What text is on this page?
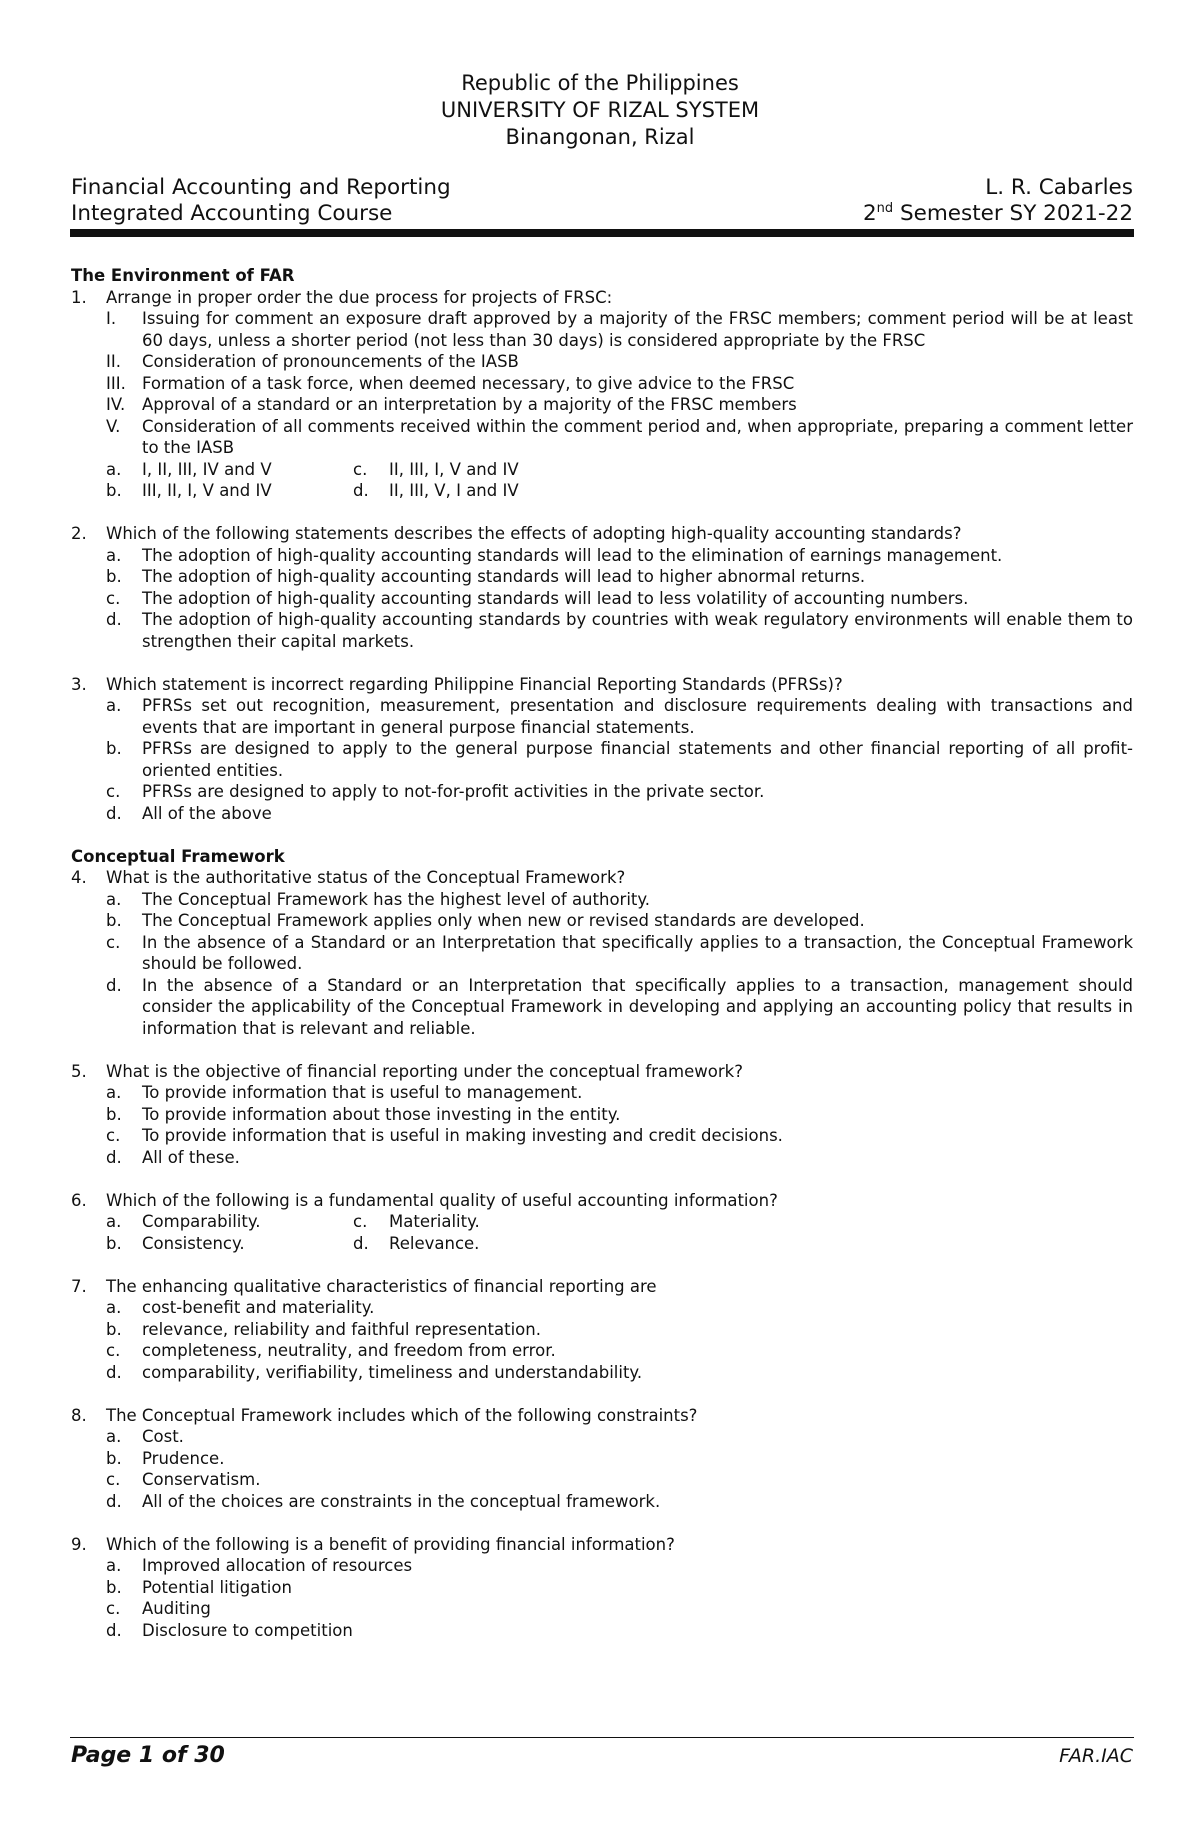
Republic of the Philippines
UNIVERSITY OF RIZAL SYSTEM
Binangonan, Rizal
Financial Accounting and Reporting	L. R. Cabarles
Integrated Accounting Course	2nd Semester SY 2021-22
The Environment of FAR
1. Arrange in proper order the due process for projects of FRSC:
I.	Issuing for comment an exposure draft approved by a majority of the FRSC members; comment period will be at least 60 days, unless a shorter period (not less than 30 days) is considered appropriate by the FRSC
II.	Consideration of pronouncements of the IASB
III. Formation of a task force, when deemed necessary, to give advice to the FRSC
IV.	Approval of a standard or an interpretation by a majority of the FRSC members
V.	Consideration of all comments received within the comment period and, when appropriate, preparing a comment letter to the IASB
a. I, II, III, IV and V	c. II, III, I, V and IV
b. III, II, I, V and IV	d. II, III, V, I and IV
2. Which of the following statements describes the effects of adopting high-quality accounting standards?
a. The adoption of high-quality accounting standards will lead to the elimination of earnings management.
b. The adoption of high-quality accounting standards will lead to higher abnormal returns.
c. The adoption of high-quality accounting standards will lead to less volatility of accounting numbers.
d. The adoption of high-quality accounting standards by countries with weak regulatory environments will enable them to strengthen their capital markets.
3. Which statement is incorrect regarding Philippine Financial Reporting Standards (PFRSs)?
a. PFRSs set out recognition, measurement, presentation and disclosure requirements dealing with transactions and events that are important in general purpose financial statements.
b. PFRSs are designed to apply to the general purpose financial statements and other financial reporting of all profit-oriented entities.
c. PFRSs are designed to apply to not-for-profit activities in the private sector.
d. All of the above
Conceptual Framework
4. What is the authoritative status of the Conceptual Framework?
a. The Conceptual Framework has the highest level of authority.
b. The Conceptual Framework applies only when new or revised standards are developed.
c. In the absence of a Standard or an Interpretation that specifically applies to a transaction, the Conceptual Framework should be followed.
d. In the absence of a Standard or an Interpretation that specifically applies to a transaction, management should consider the applicability of the Conceptual Framework in developing and applying an accounting policy that results in information that is relevant and reliable.
5. What is the objective of financial reporting under the conceptual framework?
a. To provide information that is useful to management.
b. To provide information about those investing in the entity.
c. To provide information that is useful in making investing and credit decisions.
d. All of these.
6. Which of the following is a fundamental quality of useful accounting information?
a. Comparability.	c. Materiality.
b. Consistency.	d. Relevance.
7. The enhancing qualitative characteristics of financial reporting are
a. cost-benefit and materiality.
b. relevance, reliability and faithful representation.
c. completeness, neutrality, and freedom from error.
d. comparability, verifiability, timeliness and understandability.
8. The Conceptual Framework includes which of the following constraints?
a. Cost.
b. Prudence.
c. Conservatism.
d. All of the choices are constraints in the conceptual framework.
9. Which of the following is a benefit of providing financial information?
a. Improved allocation of resources
b. Potential litigation
c. Auditing
d. Disclosure to competition
Page 1 of 30	FAR.IAC
